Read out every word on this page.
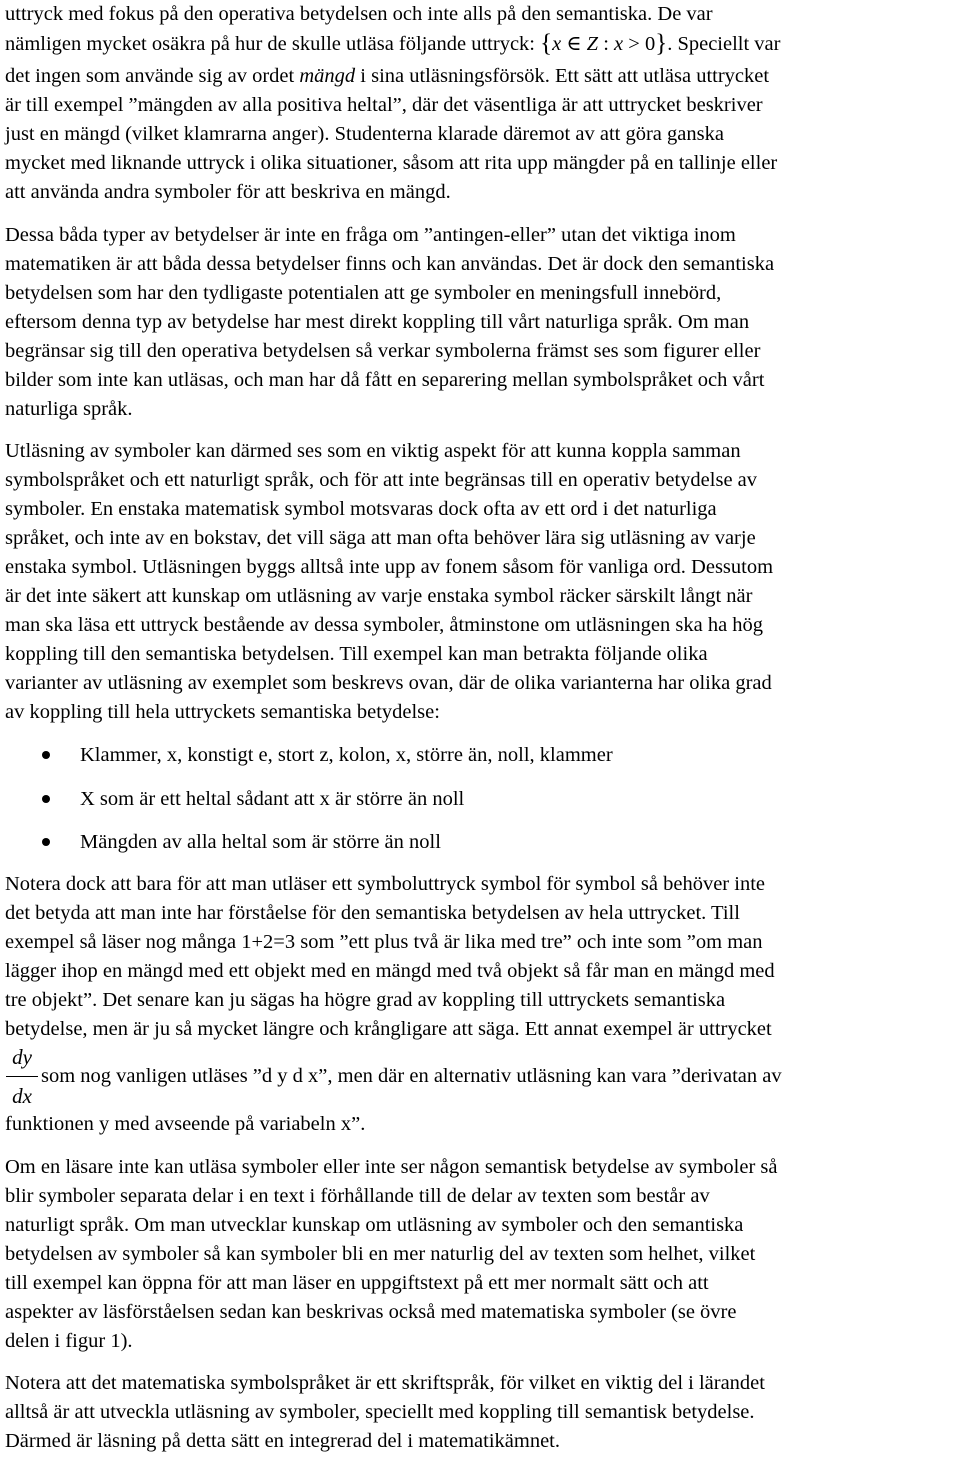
uttryck med fokus på den operativa betydelsen och inte alls på den semantiska. De var

nämligen mycket osäkra på hur de skulle utläsa följande uttryck: {x ∈ Z : x > 0}. Speciellt var

det ingen som använde sig av ordet mängd i sina utläsningsförsök. Ett sätt att utläsa uttrycket

är till exempel ”mängden av alla positiva heltal”, där det väsentliga är att uttrycket beskriver

just en mängd (vilket klamrarna anger). Studenterna klarade däremot av att göra ganska

mycket med liknande uttryck i olika situationer, såsom att rita upp mängder på en tallinje eller

att använda andra symboler för att beskriva en mängd.

Dessa båda typer av betydelser är inte en fråga om ”antingen-eller” utan det viktiga inom

matematiken är att båda dessa betydelser finns och kan användas. Det är dock den semantiska

betydelsen som har den tydligaste potentialen att ge symboler en meningsfull innebörd,

eftersom denna typ av betydelse har mest direkt koppling till vårt naturliga språk. Om man

begränsar sig till den operativa betydelsen så verkar symbolerna främst ses som figurer eller

bilder som inte kan utläsas, och man har då fått en separering mellan symbolspråket och vårt

naturliga språk.

Utläsning av symboler kan därmed ses som en viktig aspekt för att kunna koppla samman

symbolspråket och ett naturligt språk, och för att inte begränsas till en operativ betydelse av

symboler. En enstaka matematisk symbol motsvaras dock ofta av ett ord i det naturliga

språket, och inte av en bokstav, det vill säga att man ofta behöver lära sig utläsning av varje

enstaka symbol. Utläsningen byggs alltså inte upp av fonem såsom för vanliga ord. Dessutom

är det inte säkert att kunskap om utläsning av varje enstaka symbol räcker särskilt långt när

man ska läsa ett uttryck bestående av dessa symboler, åtminstone om utläsningen ska ha hög

koppling till den semantiska betydelsen. Till exempel kan man betrakta följande olika

varianter av utläsning av exemplet som beskrevs ovan, där de olika varianterna har olika grad

av koppling till hela uttryckets semantiska betydelse:

Klammer, x, konstigt e, stort z, kolon, x, större än, noll, klammer

X som är ett heltal sådant att x är större än noll

Mängden av alla heltal som är större än noll

Notera dock att bara för att man utläser ett symboluttryck symbol för symbol så behöver inte

det betyda att man inte har förståelse för den semantiska betydelsen av hela uttrycket. Till

exempel så läser nog många 1+2=3 som ”ett plus två är lika med tre” och inte som ”om man

lägger ihop en mängd med ett objekt med en mängd med två objekt så får man en mängd med

tre objekt”. Det senare kan ju sägas ha högre grad av koppling till uttryckets semantiska

betydelse, men är ju så mycket längre och krångligare att säga. Ett annat exempel är uttrycket

dy
dx

som nog vanligen utläses ”d y d x”, men där en alternativ utläsning kan vara ”derivatan av

funktionen y med avseende på variabeln x”.

Om en läsare inte kan utläsa symboler eller inte ser någon semantisk betydelse av symboler så

blir symboler separata delar i en text i förhållande till de delar av texten som består av

naturligt språk. Om man utvecklar kunskap om utläsning av symboler och den semantiska

betydelsen av symboler så kan symboler bli en mer naturlig del av texten som helhet, vilket

till exempel kan öppna för att man läser en uppgiftstext på ett mer normalt sätt och att

aspekter av läsförståelsen sedan kan beskrivas också med matematiska symboler (se övre

delen i figur 1).

Notera att det matematiska symbolspråket är ett skriftspråk, för vilket en viktig del i lärandet

alltså är att utveckla utläsning av symboler, speciellt med koppling till semantisk betydelse.

Därmed är läsning på detta sätt en integrerad del i matematikämnet.
